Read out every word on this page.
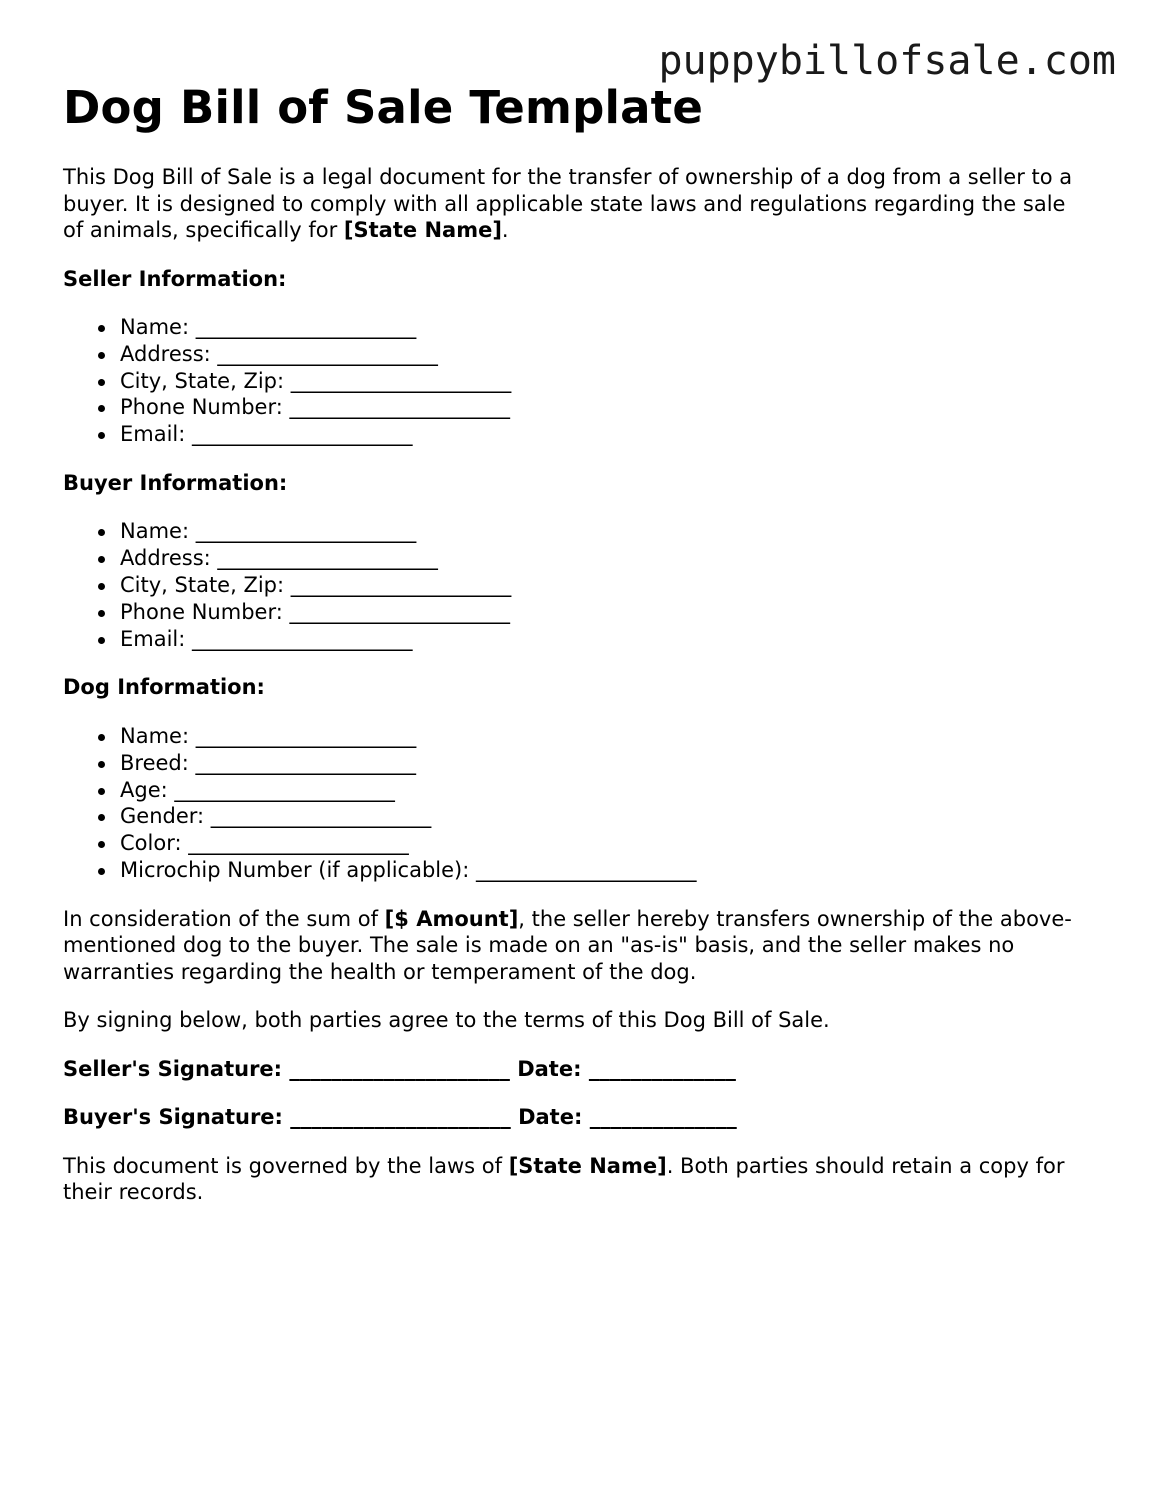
puppybillofsale.com
Dog Bill of Sale Template

This Dog Bill of Sale is a legal document for the transfer of ownership of a dog from a seller to a buyer. It is designed to comply with all applicable state laws and regulations regarding the sale of animals, specifically for [State Name].

Seller Information:
Name: _____________________
Address: _____________________
City, State, Zip: _____________________
Phone Number: _____________________
Email: _____________________
Buyer Information:
Name: _____________________
Address: _____________________
City, State, Zip: _____________________
Phone Number: _____________________
Email: _____________________
Dog Information:
Name: _____________________
Breed: _____________________
Age: _____________________
Gender: _____________________
Color: _____________________
Microchip Number (if applicable): _____________________

In consideration of the sum of [$ Amount], the seller hereby transfers ownership of the above-mentioned dog to the buyer. The sale is made on an "as-is" basis, and the seller makes no warranties regarding the health or temperament of the dog.

By signing below, both parties agree to the terms of this Dog Bill of Sale.

Seller's Signature: _____________________ Date: ______________
Buyer's Signature: _____________________ Date: ______________

This document is governed by the laws of [State Name]. Both parties should retain a copy for their records.
